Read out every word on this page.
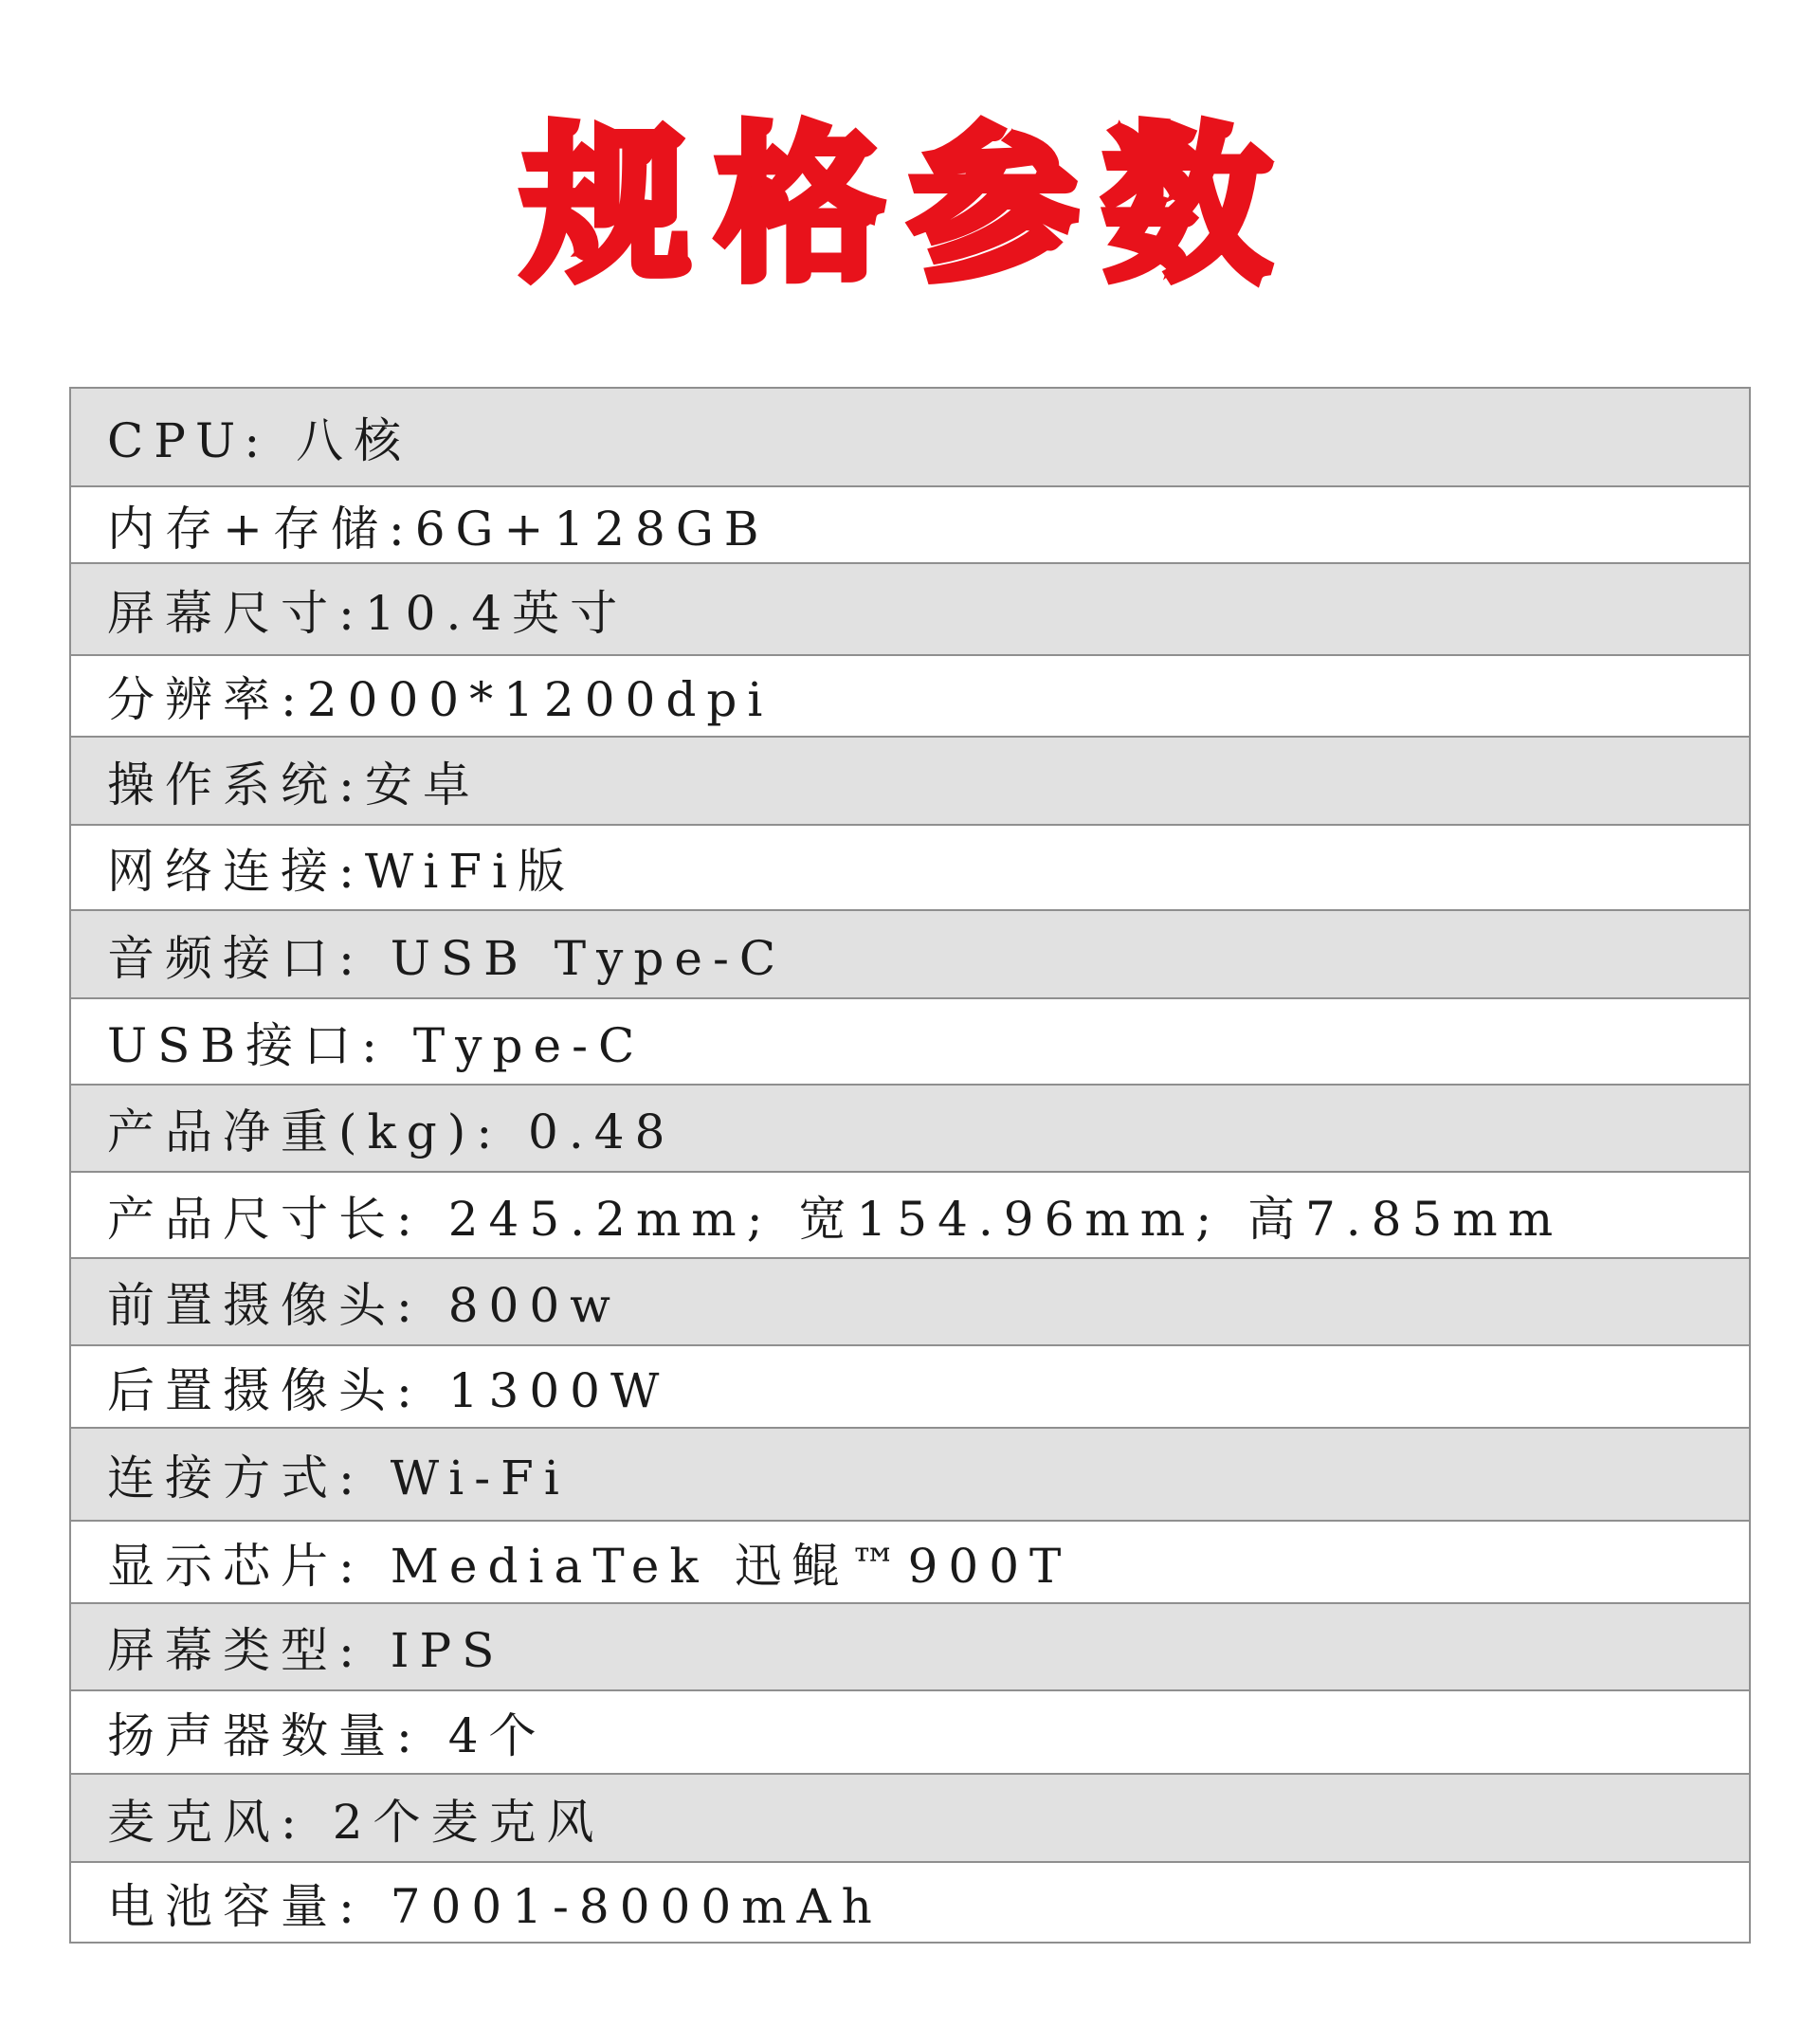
规格参数
CPU: 八核
内存+存储:6G+128GB
屏幕尺寸:10.4英寸
分辨率:2000*1200dpi
操作系统:安卓
网络连接:WiFi版
音频接口: USB Type-C
USB接口: Type-C
产品净重(kg): 0.48
产品尺寸长: 245.2mm; 宽154.96mm; 高7.85mm
前置摄像头: 800w
后置摄像头: 1300W
连接方式: Wi-Fi
显示芯片: MediaTek 迅鲲™900T
屏幕类型: IPS
扬声器数量: 4个
麦克风: 2个麦克风
电池容量: 7001-8000mAh
